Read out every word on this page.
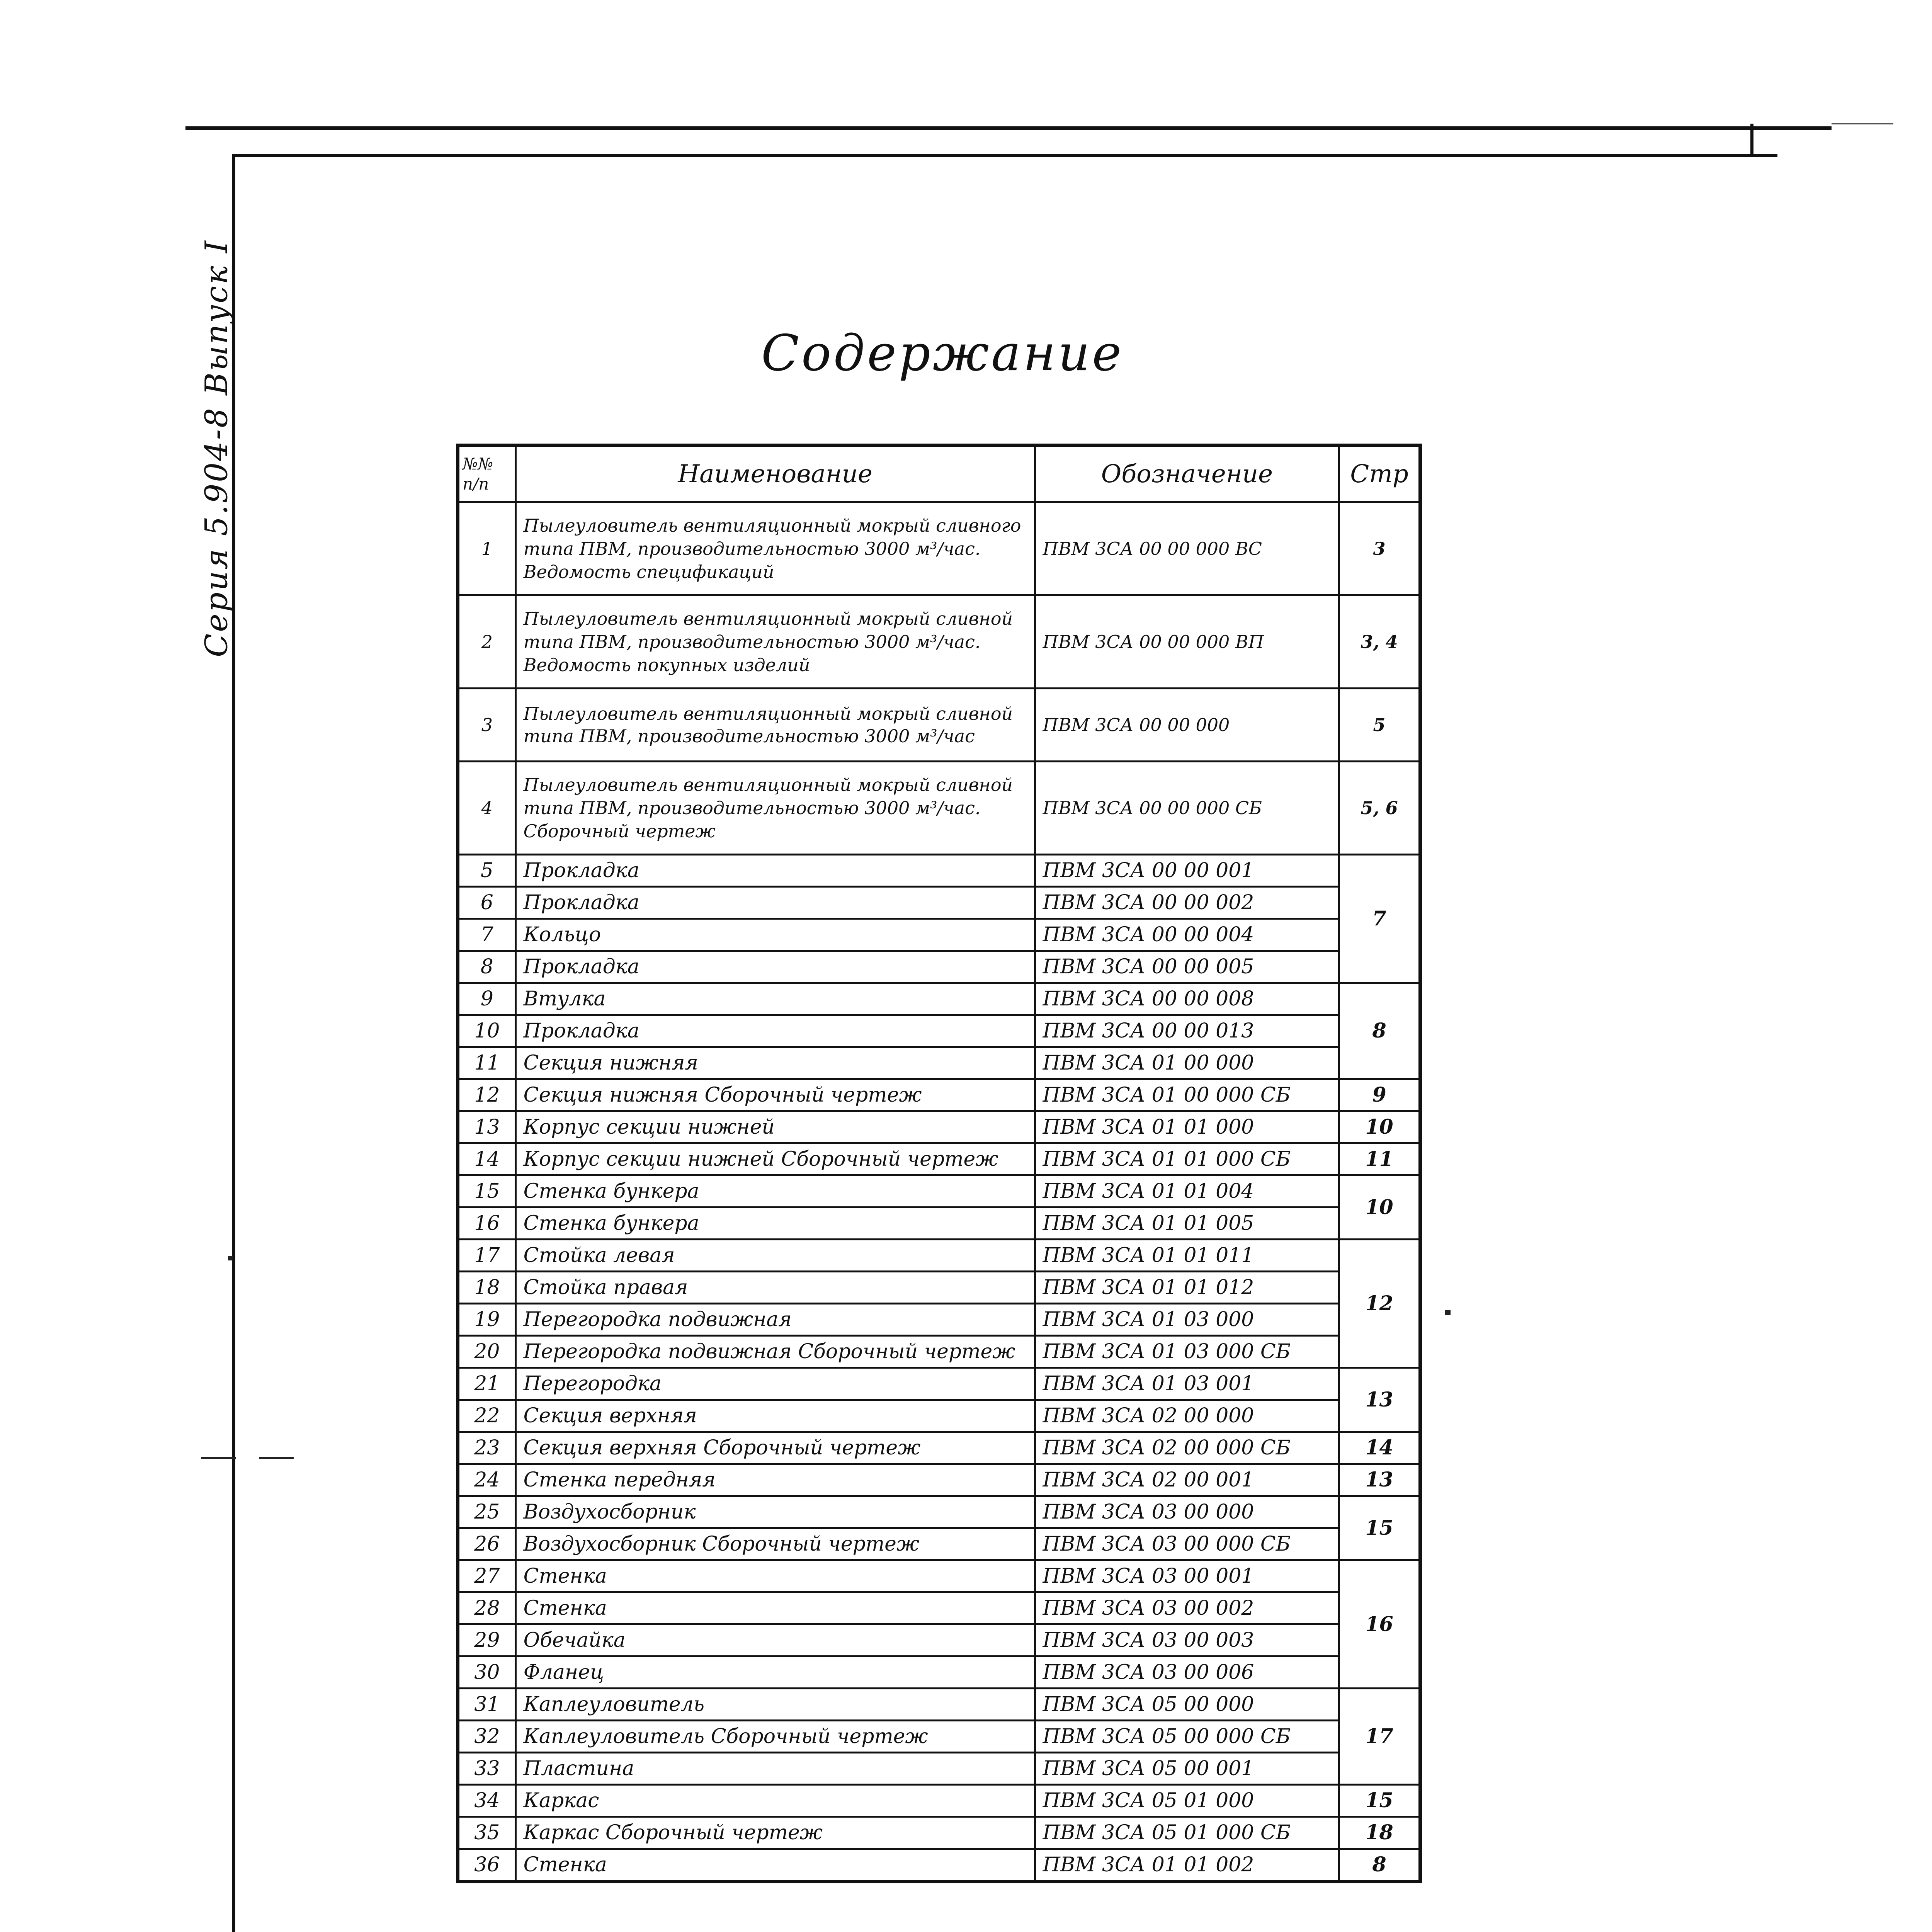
Серия 5.904-8 Выпуск I	Содержание
№№ п/п	Наименование	Обозначение	Стр
1	Пылеуловитель вентиляционный мокрый сливного типа ПВМ, производительностью 3000 м³/час. Ведомость спецификаций	ПВМ 3СА 00 00 000 ВС	3
2	Пылеуловитель вентиляционный мокрый сливной типа ПВМ, производительностью 3000 м³/час. Ведомость покупных изделий	ПВМ 3СА 00 00 000 ВП	3, 4
3	Пылеуловитель вентиляционный мокрый сливной типа ПВМ, производительностью 3000 м³/час	ПВМ 3СА 00 00 000	5
4	Пылеуловитель вентиляционный мокрый сливной типа ПВМ, производительностью 3000 м³/час. Сборочный чертеж	ПВМ 3СА 00 00 000 СБ	5, 6
5	Прокладка	ПВМ 3СА 00 00 001	7
6	Прокладка	ПВМ 3СА 00 00 002	
7	Кольцо	ПВМ 3СА 00 00 004	
8	Прокладка	ПВМ 3СА 00 00 005	
9	Втулка	ПВМ 3СА 00 00 008	8
10	Прокладка	ПВМ 3СА 00 00 013	
11	Секция нижняя	ПВМ 3СА 01 00 000	
12	Секция нижняя Сборочный чертеж	ПВМ 3СА 01 00 000 СБ	9
13	Корпус секции нижней	ПВМ 3СА 01 01 000	10
14	Корпус секции нижней Сборочный чертеж	ПВМ 3СА 01 01 000 СБ	11
15	Стенка бункера	ПВМ 3СА 01 01 004	10
16	Стенка бункера	ПВМ 3СА 01 01 005	
17	Стойка левая	ПВМ 3СА 01 01 011	12
18	Стойка правая	ПВМ 3СА 01 01 012	
19	Перегородка подвижная	ПВМ 3СА 01 03 000	
20	Перегородка подвижная Сборочный чертеж	ПВМ 3СА 01 03 000 СБ	
21	Перегородка	ПВМ 3СА 01 03 001	13
22	Секция верхняя	ПВМ 3СА 02 00 000	
23	Секция верхняя Сборочный чертеж	ПВМ 3СА 02 00 000 СБ	14
24	Стенка передняя	ПВМ 3СА 02 00 001	13
25	Воздухосборник	ПВМ 3СА 03 00 000	15
26	Воздухосборник Сборочный чертеж	ПВМ 3СА 03 00 000 СБ	
27	Стенка	ПВМ 3СА 03 00 001	16
28	Стенка	ПВМ 3СА 03 00 002	
29	Обечайка	ПВМ 3СА 03 00 003	
30	Фланец	ПВМ 3СА 03 00 006	
31	Каплеуловитель	ПВМ 3СА 05 00 000	17
32	Каплеуловитель Сборочный чертеж	ПВМ 3СА 05 00 000 СБ	
33	Пластина	ПВМ 3СА 05 00 001	
34	Каркас	ПВМ 3СА 05 01 000	15
35	Каркас Сборочный чертеж	ПВМ 3СА 05 01 000 СБ	18
36	Стенка	ПВМ 3СА 01 01 002	8
